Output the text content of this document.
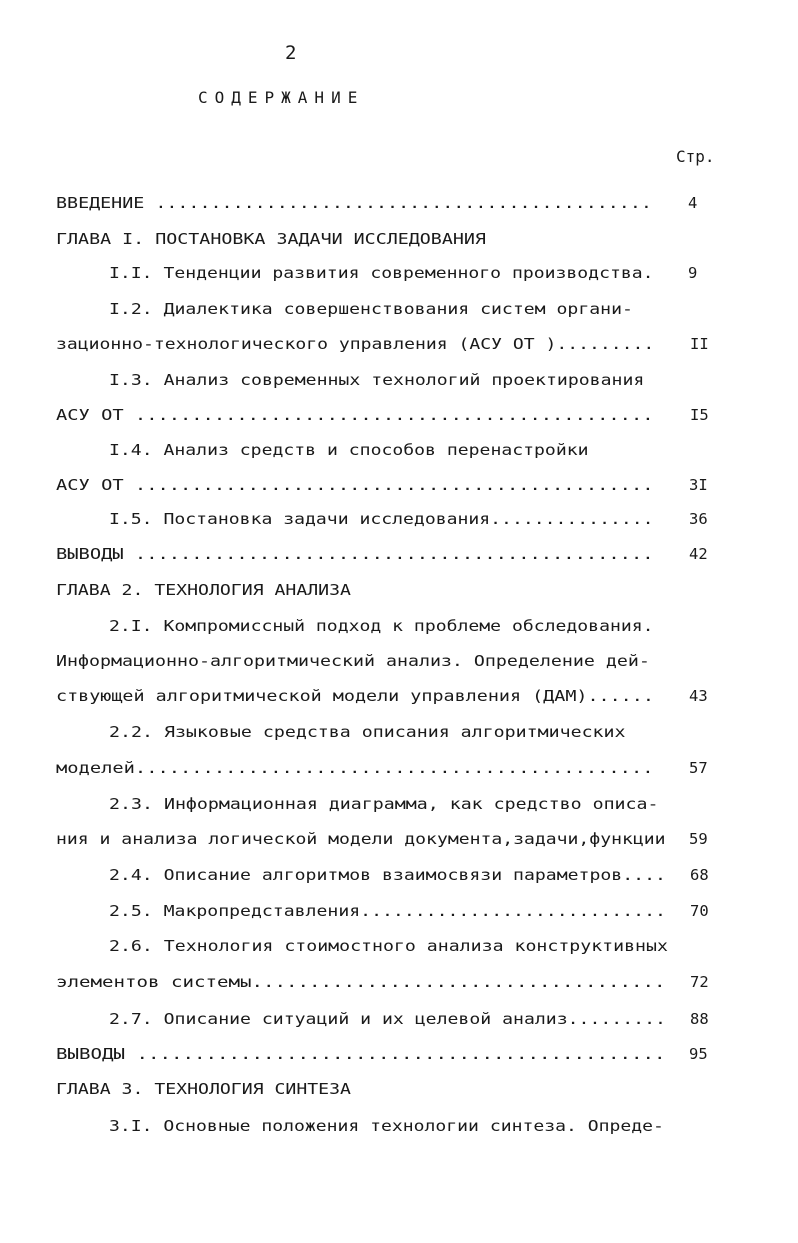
2
СОДЕРЖАНИЕ
Стр.
ВВЕДЕНИЕ ............................................. 4
ГЛАВА I. ПОСТАНОВКА ЗАДАЧИ ИССЛЕДОВАНИЯ
I.I. Тенденции развития современного производства. 9
I.2. Диалектика совершенствования систем органи-
зационно-технологического управления (АСУ ОТ )......... II
I.3. Анализ современных технологий проектирования
АСУ ОТ .............................................. I5
I.4. Анализ средств и способов перенастройки
АСУ ОТ .............................................. 3I
I.5. Постановка задачи исследования............... 36
ВЫВОДЫ .............................................. 42
ГЛАВА 2. ТЕХНОЛОГИЯ АНАЛИЗА
2.I. Компромиссный подход к проблеме обследования.
Информационно-алгоритмический анализ. Определение дей-
ствующей алгоритмической модели управления (ДАМ)...... 43
2.2. Языковые средства описания алгоритмических
моделей.............................................. 57
2.3. Информационная диаграмма, как средство описа-
ния и анализа логической модели документа,задачи,функции 59
2.4. Описание алгоритмов взаимосвязи параметров.... 68
2.5. Макропредставления............................ 70
2.6. Технология стоимостного анализа конструктивных
элементов системы.................................... 72
2.7. Описание ситуаций и их целевой анализ......... 88
ВЫВОДЫ .............................................. 95
ГЛАВА 3. ТЕХНОЛОГИЯ СИНТЕЗА
3.I. Основные положения технологии синтеза. Опреде-
